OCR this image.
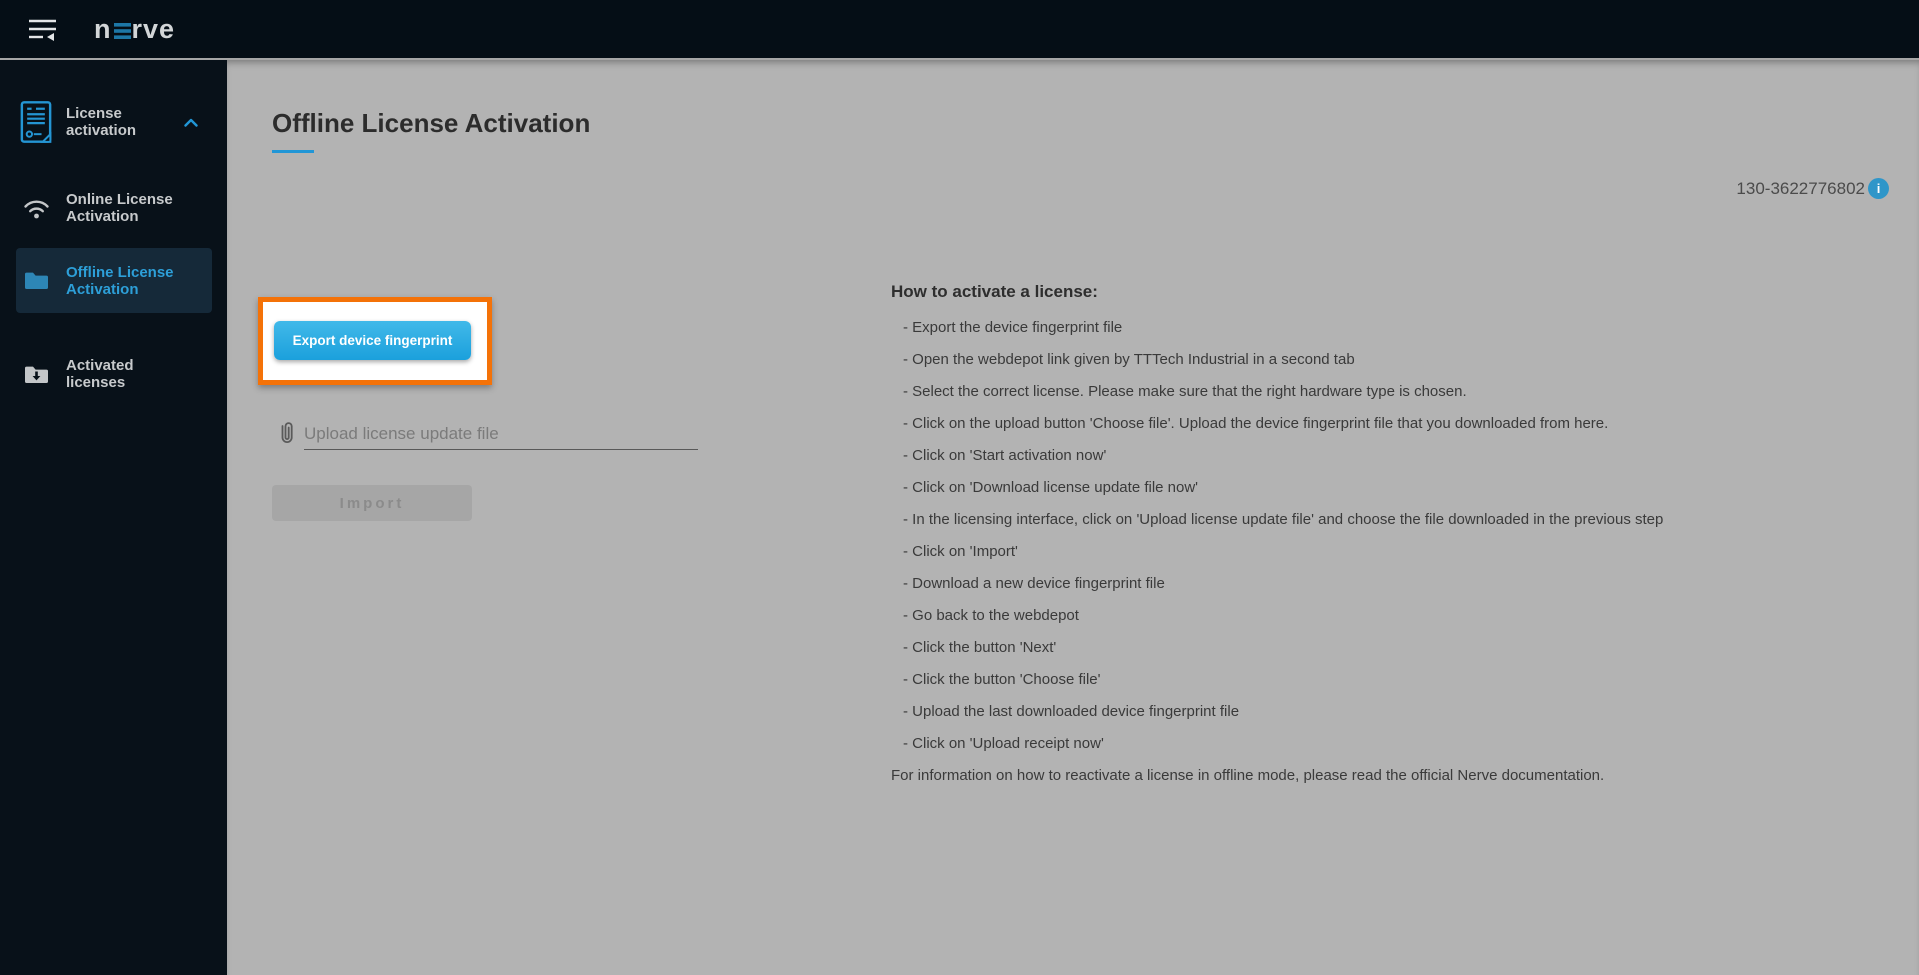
n rve
License activation
Online License Activation
Offline License Activation
Activated licenses
Offline License Activation
130-3622776802 i
Export device fingerprint
Upload license update file
Import
How to activate a license:
- Export the device fingerprint file
- Open the webdepot link given by TTTech Industrial in a second tab
- Select the correct license. Please make sure that the right hardware type is chosen.
- Click on the upload button 'Choose file'. Upload the device fingerprint file that you downloaded from here.
- Click on 'Start activation now'
- Click on 'Download license update file now'
- In the licensing interface, click on 'Upload license update file' and choose the file downloaded in the previous step
- Click on 'Import'
- Download a new device fingerprint file
- Go back to the webdepot
- Click the button 'Next'
- Click the button 'Choose file'
- Upload the last downloaded device fingerprint file
- Click on 'Upload receipt now'

For information on how to reactivate a license in offline mode, please read the official Nerve documentation.
